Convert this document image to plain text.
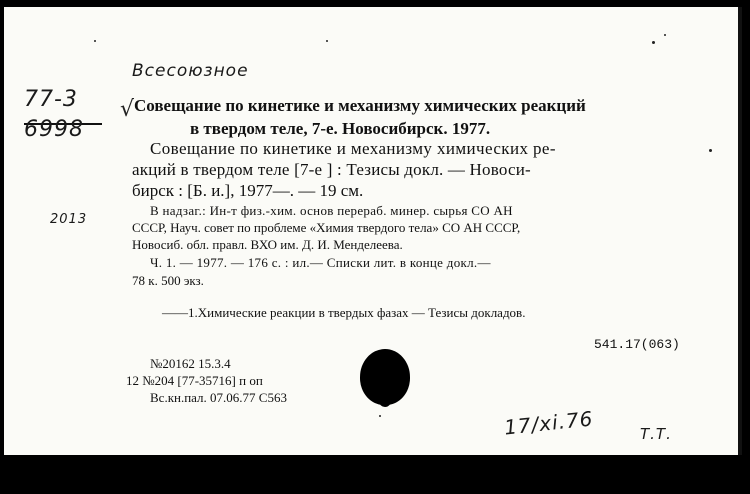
Всесоюзное
77-3
6998
√ Совещание по кинетике и механизму химических реакций
в твердом теле, 7-е. Новосибирск. 1977.
Совещание по кинетике и механизму химических ре-
акций в твердом теле [7-е ] : Тезисы докл. — Новоси-
бирск : [Б. и.], 1977—. — 19 см.
2013
В надзаг.: Ин-т физ.-хим. основ перераб. минер. сырья СО АН
СССР, Науч. совет по проблеме «Химия твердого тела» СО АН СССР,
Новосиб. обл. правл. ВХО им. Д. И. Менделеева.
Ч. 1. — 1977. — 176 с. : ил.— Списки лит. в конце докл.—
78 к. 500 экз.
——1.Химические реакции в твердых фазах — Тезисы докладов.
541.17(063)
№20162 15.3.4
12 №204 [77-35716] п оп
Вс.кн.пал. 07.06.77 С563
17/хі.76	Т.Т.
